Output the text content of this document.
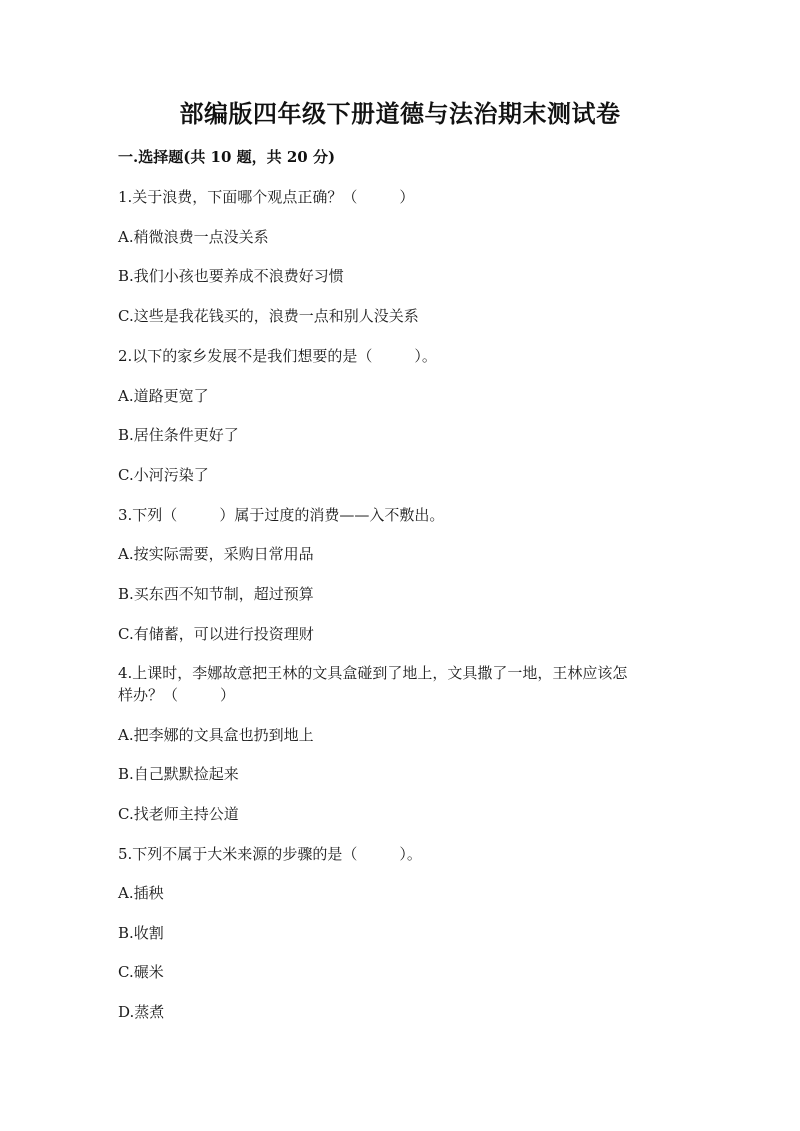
部编版四年级下册道德与法治期末测试卷
一.选择题(共 10 题，共 20 分)
1.关于浪费，下面哪个观点正确？（	）
A.稍微浪费一点没关系
B.我们小孩也要养成不浪费好习惯
C.这些是我花钱买的，浪费一点和别人没关系
2.以下的家乡发展不是我们想要的是（	）。
A.道路更宽了
B.居住条件更好了
C.小河污染了
3.下列（	）属于过度的消费——入不敷出。
A.按实际需要，采购日常用品
B.买东西不知节制，超过预算
C.有储蓄，可以进行投资理财
4.上课时，李娜故意把王林的文具盒碰到了地上，文具撒了一地，王林应该怎
样办？（	）
A.把李娜的文具盒也扔到地上
B.自己默默捡起来
C.找老师主持公道
5.下列不属于大米来源的步骤的是（	）。
A.插秧
B.收割
C.碾米
D.蒸煮
